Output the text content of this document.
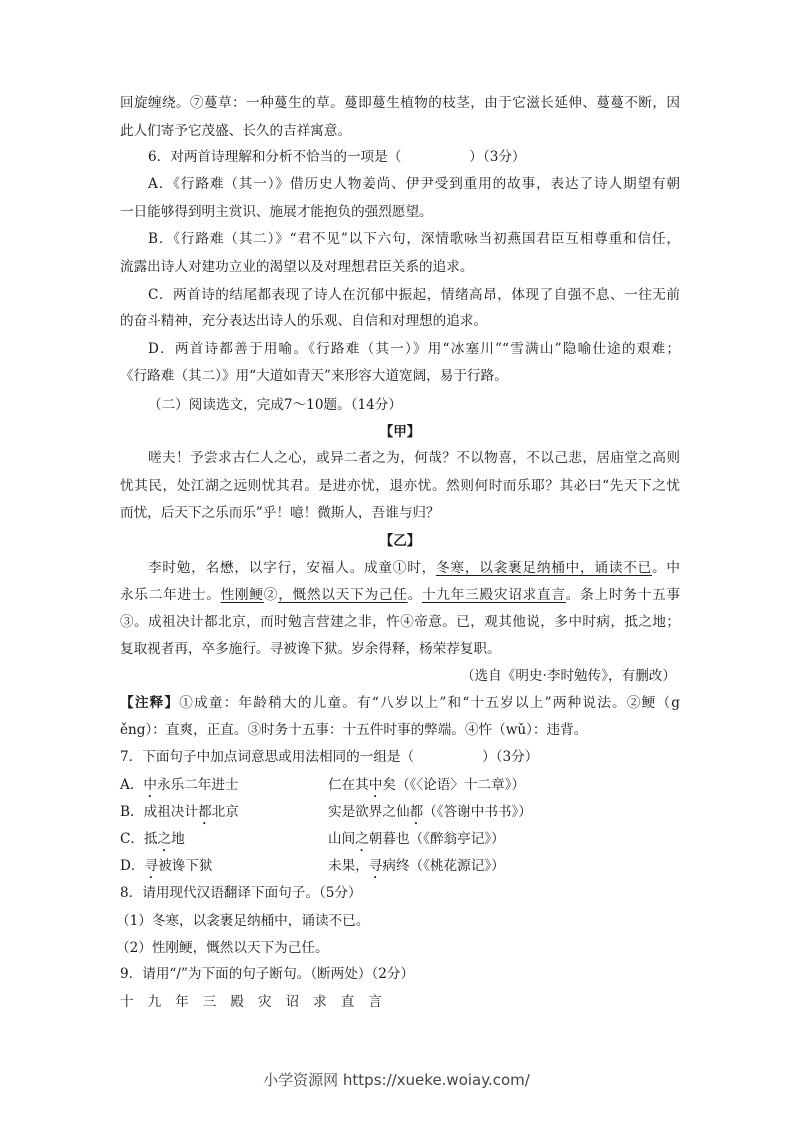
回旋缠绕。⑦蔓草：一种蔓生的草。蔓即蔓生植物的枝茎，由于它滋长延伸、蔓蔓不断，因
此人们寄予它茂盛、长久的吉祥寓意。
6．对两首诗理解和分析不恰当的一项是（　　　　　）（3分）
A．《行路难（其一）》借历史人物姜尚、伊尹受到重用的故事，表达了诗人期望有朝
一日能够得到明主赏识、施展才能抱负的强烈愿望。
B．《行路难（其二）》“君不见”以下六句，深情歌咏当初燕国君臣互相尊重和信任，
流露出诗人对建功立业的渴望以及对理想君臣关系的追求。
C．两首诗的结尾都表现了诗人在沉郁中振起，情绪高昂，体现了自强不息、一往无前
的奋斗精神，充分表达出诗人的乐观、自信和对理想的追求。
D．两首诗都善于用喻。《行路难（其一）》用“冰塞川”“雪满山”隐喻仕途的艰难；
《行路难（其二）》用“大道如青天”来形容大道宽阔，易于行路。
（二）阅读选文，完成7～10题。（14分）
【甲】
嗟夫！予尝求古仁人之心，或异二者之为，何哉？不以物喜，不以己悲，居庙堂之高则
忧其民，处江湖之远则忧其君。是进亦忧，退亦忧。然则何时而乐耶？其必曰“先天下之忧
而忧，后天下之乐而乐”乎！噫！微斯人，吾谁与归？
【乙】
李时勉，名懋，以字行，安福人。成童①时，冬寒，以衾裹足纳桶中，诵读不已。中
永乐二年进士。性刚鲠②，慨然以天下为己任。十九年三殿灾诏求直言。条上时务十五事
③。成祖决计都北京，而时勉言营建之非，忤④帝意。已，观其他说，多中时病，抵之地；
复取视者再，卒多施行。寻被谗下狱。岁余得释，杨荣荐复职。
（选自《明史·李时勉传》，有删改）
【注释】①成童：年龄稍大的儿童。有“八岁以上”和“十五岁以上”两种说法。②鲠（g
ěng）：直爽，正直。③时务十五事：十五件时事的弊端。④忤（wǔ）：违背。
7．下面句子中加点词意思或用法相同的一组是（　　　　　）（3分）
A．中永乐二年进士	仁在其中矣（《〈论语〉十二章》）
B．成祖决计都北京	实是欲界之仙都（《答谢中书书》）
C．抵之地	山间之朝暮也（《醉翁亭记》）
D．寻被谗下狱	未果，寻病终（《桃花源记》）
8．请用现代汉语翻译下面句子。（5分）
（1）冬寒，以衾裹足纳桶中，诵读不已。
（2）性刚鲠，慨然以天下为己任。
9．请用“/”为下面的句子断句。（断两处）（2分）
十九年三殿灾诏求直言
小学资源网 https://xueke.woiay.com/
